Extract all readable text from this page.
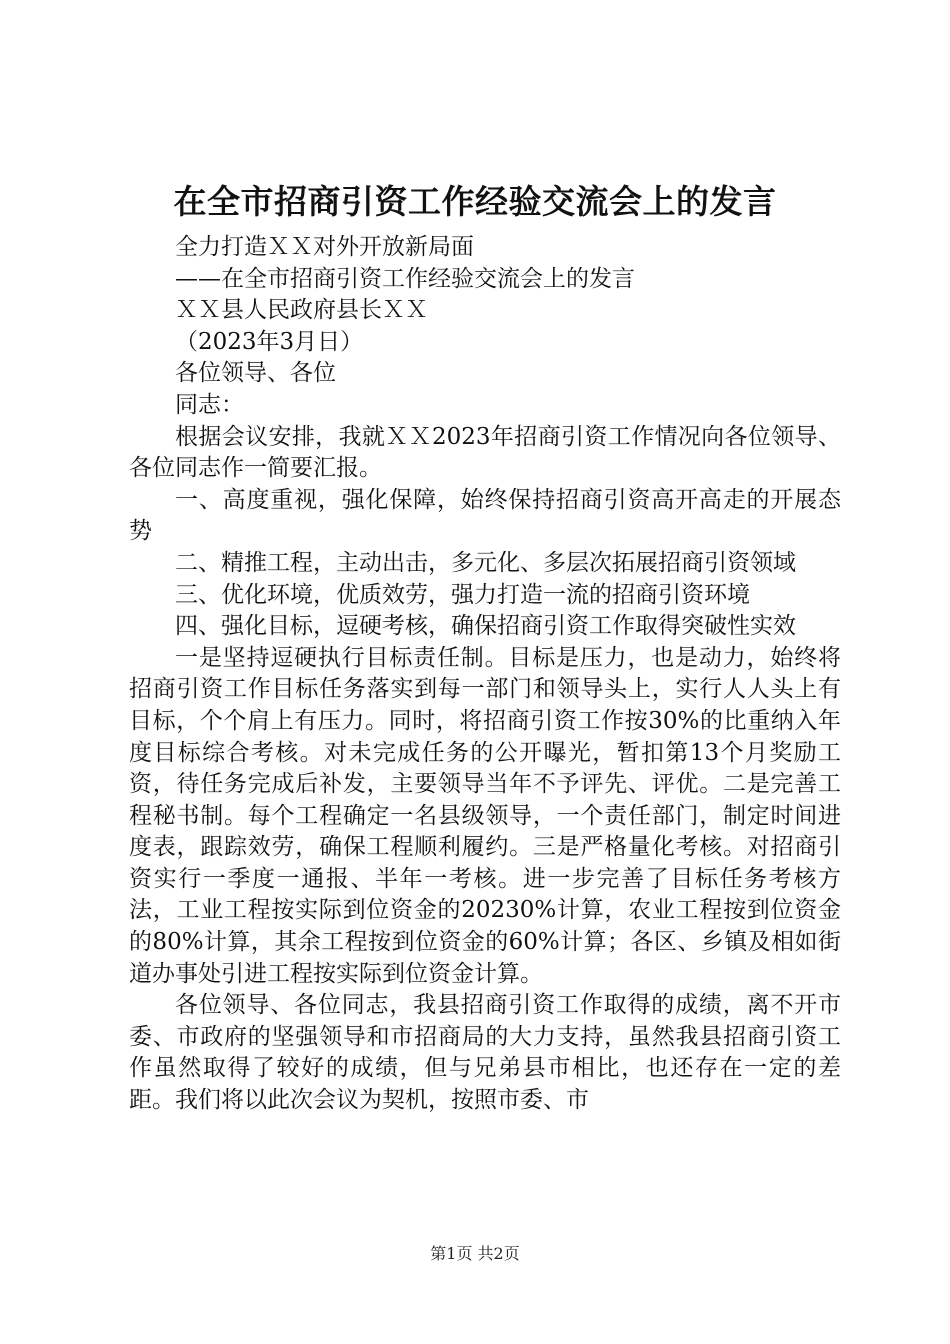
在全市招商引资工作经验交流会上的发言
全力打造ＸＸ对外开放新局面
——在全市招商引资工作经验交流会上的发言
ＸＸ县人民政府县长ＸＸ
（2023年3月日）
各位领导、各位
同志：
根据会议安排，我就ＸＸ2023年招商引资工作情况向各位领导、各位同志作一简要汇报。
一、高度重视，强化保障，始终保持招商引资高开高走的开展态势
二、精推工程，主动出击，多元化、多层次拓展招商引资领域
三、优化环境，优质效劳，强力打造一流的招商引资环境
四、强化目标，逗硬考核，确保招商引资工作取得突破性实效
一是坚持逗硬执行目标责任制。目标是压力，也是动力，始终将招商引资工作目标任务落实到每一部门和领导头上，实行人人头上有目标，个个肩上有压力。同时，将招商引资工作按30%的比重纳入年度目标综合考核。对未完成任务的公开曝光，暂扣第13个月奖励工资，待任务完成后补发，主要领导当年不予评先、评优。二是完善工程秘书制。每个工程确定一名县级领导，一个责任部门，制定时间进度表，跟踪效劳，确保工程顺利履约。三是严格量化考核。对招商引资实行一季度一通报、半年一考核。进一步完善了目标任务考核方法，工业工程按实际到位资金的20230%计算，农业工程按到位资金的80%计算，其余工程按到位资金的60%计算；各区、乡镇及相如街道办事处引进工程按实际到位资金计算。
各位领导、各位同志，我县招商引资工作取得的成绩，离不开市委、市政府的坚强领导和市招商局的大力支持，虽然我县招商引资工作虽然取得了较好的成绩，但与兄弟县市相比，也还存在一定的差距。我们将以此次会议为契机，按照市委、市
第1页 共2页
